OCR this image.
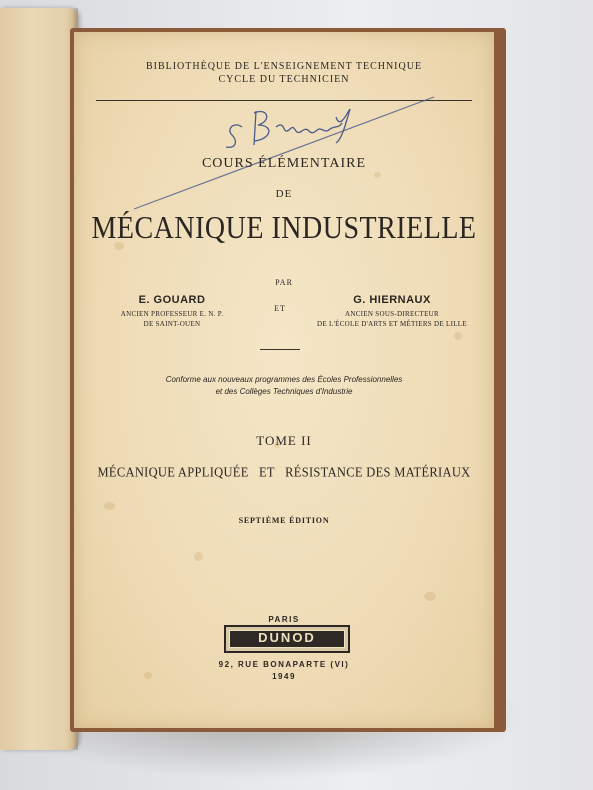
BIBLIOTHÈQUE DE L'ENSEIGNEMENT TECHNIQUE
CYCLE DU TECHNICIEN
COURS ÉLÉMENTAIRE
DE
MÉCANIQUE INDUSTRIELLE
PAR
E. GOUARD
ANCIEN PROFESSEUR E. N. P.
DE SAINT-OUEN
ET
G. HIERNAUX
ANCIEN SOUS-DIRECTEUR
DE L'ÉCOLE D'ARTS ET MÉTIERS DE LILLE
Conforme aux nouveaux programmes des Écoles Professionnelles
et des Collèges Techniques d'Industrie
TOME II
MÉCANIQUE APPLIQUÉE ET RÉSISTANCE DES MATÉRIAUX
SEPTIÈME ÉDITION
PARIS
DUNOD
92, RUE BONAPARTE (VI)
1949
